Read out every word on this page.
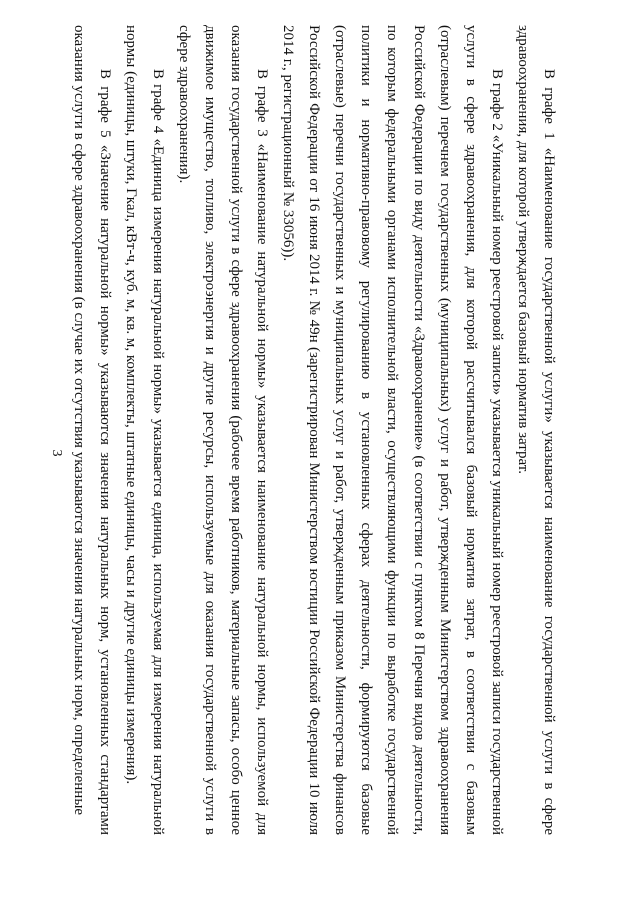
3	В графе 1 «Наименование государственной услуги» указывается наименование государственной услуги в сфере здравоохранения, для которой утверждается базовый норматив затрат.

В графе 2 «Уникальный номер реестровой записи» указывается уникальный номер реестровой записи государственной услуги в сфере здравоохранения, для которой рассчитывался базовый норматив затрат, в соответствии с базовым (отраслевым) перечнем государственных (муниципальных) услуг и работ, утвержденным Министерством здравоохранения Российской Федерации по виду деятельности «Здравоохранение» (в соответствии с пунктом 8 Перечня видов деятельности, по которым федеральными органами исполнительной власти, осуществляющими функции по выработке государственной политики и нормативно-правовому регулированию в установленных сферах деятельности, формируются базовые (отраслевые) перечни государственных и муниципальных услуг и работ, утвержденным приказом Министерства финансов Российской Федерации от 16 июня 2014 г. № 49н (зарегистрирован Министерством юстиции Российской Федерации 10 июля 2014 г., регистрационный № 33056)).

В графе 3 «Наименование натуральной нормы» указывается наименование натуральной нормы, используемой для оказания государственной услуги в сфере здравоохранения (рабочее время работников, материальные запасы, особо ценное движимое имущество, топливо, электроэнергия и другие ресурсы, используемые для оказания государственной услуги в сфере здравоохранения).

В графе 4 «Единица измерения натуральной нормы» указывается единица, используемая для измерения натуральной нормы (единицы, штуки, Гкал, кВт-ч, куб. м, кв. м, комплекты, штатные единицы, часы и другие единицы измерения).

В графе 5 «Значение натуральной нормы» указываются значения натуральных норм, установленных стандартами оказания услуги в сфере здравоохранения (в случае их отсутствия указываются значения натуральных норм, определенные
